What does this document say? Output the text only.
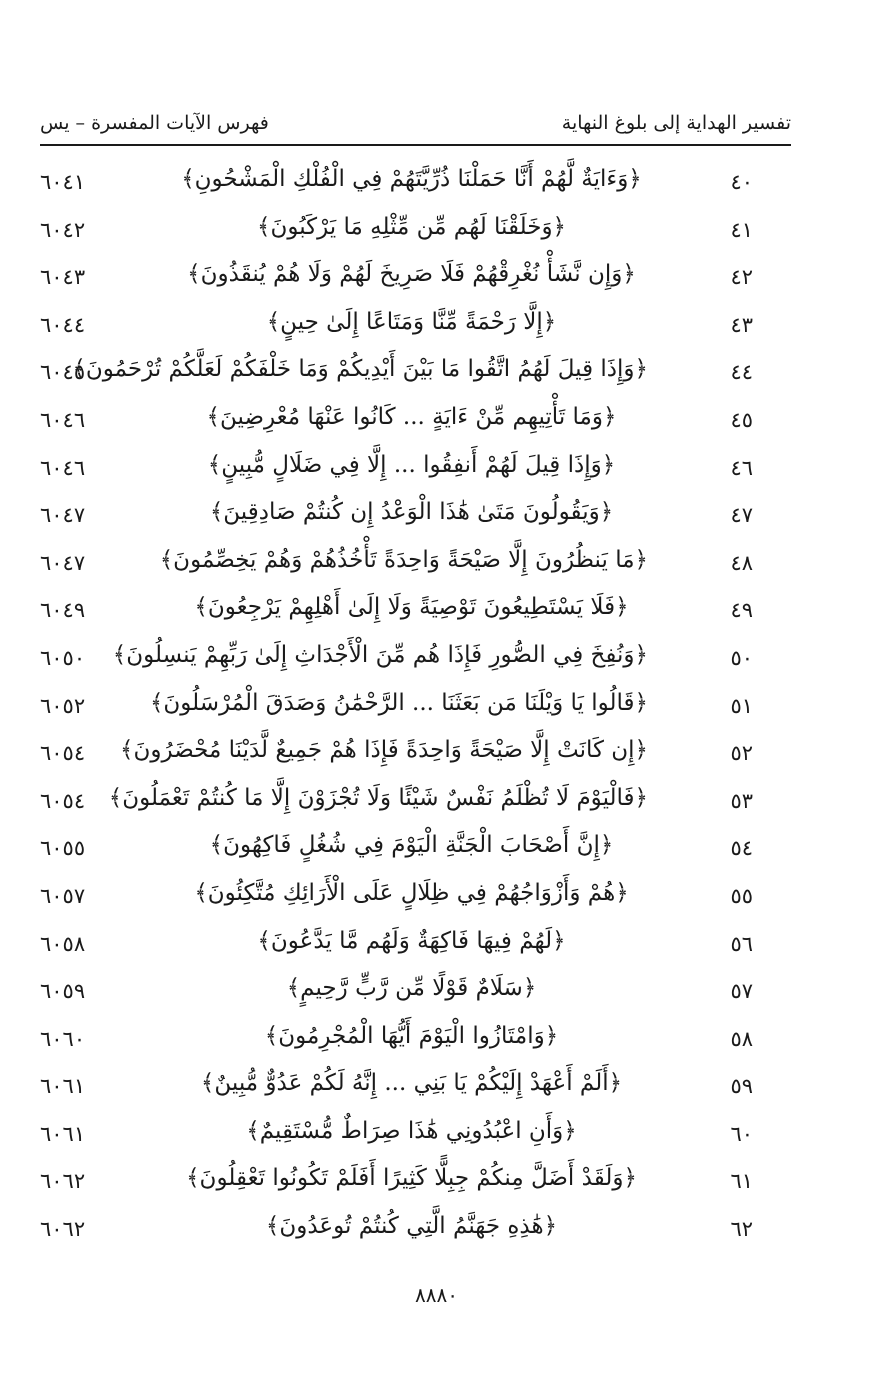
تفسير الهداية إلى بلوغ النهاية
فهرس الآيات المفسرة – يس
٤٠
﴿وَءَايَةٌ لَّهُمْ أَنَّا حَمَلْنَا ذُرِّيَّتَهُمْ فِي الْفُلْكِ الْمَشْحُونِ﴾
٦٠٤١
٤١
﴿وَخَلَقْنَا لَهُم مِّن مِّثْلِهِ مَا يَرْكَبُونَ﴾
٦٠٤٢
٤٢
﴿وَإِن نَّشَأْ نُغْرِقْهُمْ فَلَا صَرِيخَ لَهُمْ وَلَا هُمْ يُنقَذُونَ﴾
٦٠٤٣
٤٣
﴿إِلَّا رَحْمَةً مِّنَّا وَمَتَاعًا إِلَىٰ حِينٍ﴾
٦٠٤٤
٤٤
﴿وَإِذَا قِيلَ لَهُمُ اتَّقُوا مَا بَيْنَ أَيْدِيكُمْ وَمَا خَلْفَكُمْ لَعَلَّكُمْ تُرْحَمُونَ﴾
٦٠٤٥
٤٥
﴿وَمَا تَأْتِيهِم مِّنْ ءَايَةٍ ... كَانُوا عَنْهَا مُعْرِضِينَ﴾
٦٠٤٦
٤٦
﴿وَإِذَا قِيلَ لَهُمْ أَنفِقُوا ... إِلَّا فِي ضَلَالٍ مُّبِينٍ﴾
٦٠٤٦
٤٧
﴿وَيَقُولُونَ مَتَىٰ هَٰذَا الْوَعْدُ إِن كُنتُمْ صَادِقِينَ﴾
٦٠٤٧
٤٨
﴿مَا يَنظُرُونَ إِلَّا صَيْحَةً وَاحِدَةً تَأْخُذُهُمْ وَهُمْ يَخِصِّمُونَ﴾
٦٠٤٧
٤٩
﴿فَلَا يَسْتَطِيعُونَ تَوْصِيَةً وَلَا إِلَىٰ أَهْلِهِمْ يَرْجِعُونَ﴾
٦٠٤٩
٥٠
﴿وَنُفِخَ فِي الصُّورِ فَإِذَا هُم مِّنَ الْأَجْدَاثِ إِلَىٰ رَبِّهِمْ يَنسِلُونَ﴾
٦٠٥٠
٥١
﴿قَالُوا يَا وَيْلَنَا مَن بَعَثَنَا ... الرَّحْمَٰنُ وَصَدَقَ الْمُرْسَلُونَ﴾
٦٠٥٢
٥٢
﴿إِن كَانَتْ إِلَّا صَيْحَةً وَاحِدَةً فَإِذَا هُمْ جَمِيعٌ لَّدَيْنَا مُحْضَرُونَ﴾
٦٠٥٤
٥٣
﴿فَالْيَوْمَ لَا تُظْلَمُ نَفْسٌ شَيْئًا وَلَا تُجْزَوْنَ إِلَّا مَا كُنتُمْ تَعْمَلُونَ﴾
٦٠٥٤
٥٤
﴿إِنَّ أَصْحَابَ الْجَنَّةِ الْيَوْمَ فِي شُغُلٍ فَاكِهُونَ﴾
٦٠٥٥
٥٥
﴿هُمْ وَأَزْوَاجُهُمْ فِي ظِلَالٍ عَلَى الْأَرَائِكِ مُتَّكِئُونَ﴾
٦٠٥٧
٥٦
﴿لَهُمْ فِيهَا فَاكِهَةٌ وَلَهُم مَّا يَدَّعُونَ﴾
٦٠٥٨
٥٧
﴿سَلَامٌ قَوْلًا مِّن رَّبٍّ رَّحِيمٍ﴾
٦٠٥٩
٥٨
﴿وَامْتَازُوا الْيَوْمَ أَيُّهَا الْمُجْرِمُونَ﴾
٦٠٦٠
٥٩
﴿أَلَمْ أَعْهَدْ إِلَيْكُمْ يَا بَنِي ... إِنَّهُ لَكُمْ عَدُوٌّ مُّبِينٌ﴾
٦٠٦١
٦٠
﴿وَأَنِ اعْبُدُونِي هَٰذَا صِرَاطٌ مُّسْتَقِيمٌ﴾
٦٠٦١
٦١
﴿وَلَقَدْ أَضَلَّ مِنكُمْ جِبِلًّا كَثِيرًا أَفَلَمْ تَكُونُوا تَعْقِلُونَ﴾
٦٠٦٢
٦٢
﴿هَٰذِهِ جَهَنَّمُ الَّتِي كُنتُمْ تُوعَدُونَ﴾
٦٠٦٢
٨٨٨٠
